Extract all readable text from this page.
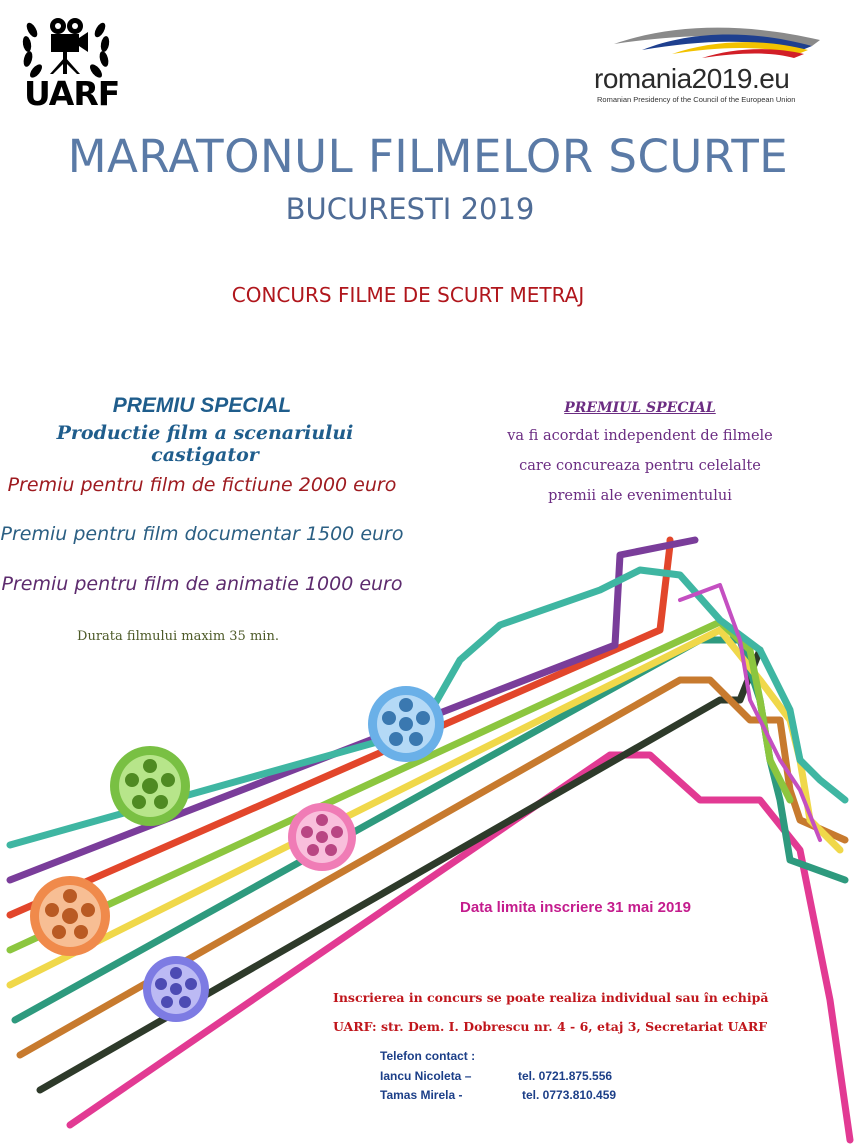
UARF	romania2019.eu
Romanian Presidency of the Council of the European Union
MARATONUL FILMELOR SCURTE
BUCURESTI 2019
CONCURS FILME DE SCURT METRAJ
PREMIU SPECIAL
Productie film a scenariului castigator
Premiu pentru film de fictiune 2000 euro
Premiu pentru film documentar 1500 euro
Premiu pentru film de animatie 1000 euro
Durata filmului maxim 35 min.
PREMIUL SPECIAL
va fi acordat independent de filmele
care concureaza pentru celelalte
premii ale evenimentului
Data limita inscriere 31 mai 2019
Inscrierea in concurs se poate realiza individual sau în echipă
UARF: str. Dem. I. Dobrescu nr. 4 - 6, etaj 3, Secretariat UARF
Telefon contact :
Iancu Nicoleta –	tel. 0721.875.556
Tamas Mirela -	tel. 0773.810.459
